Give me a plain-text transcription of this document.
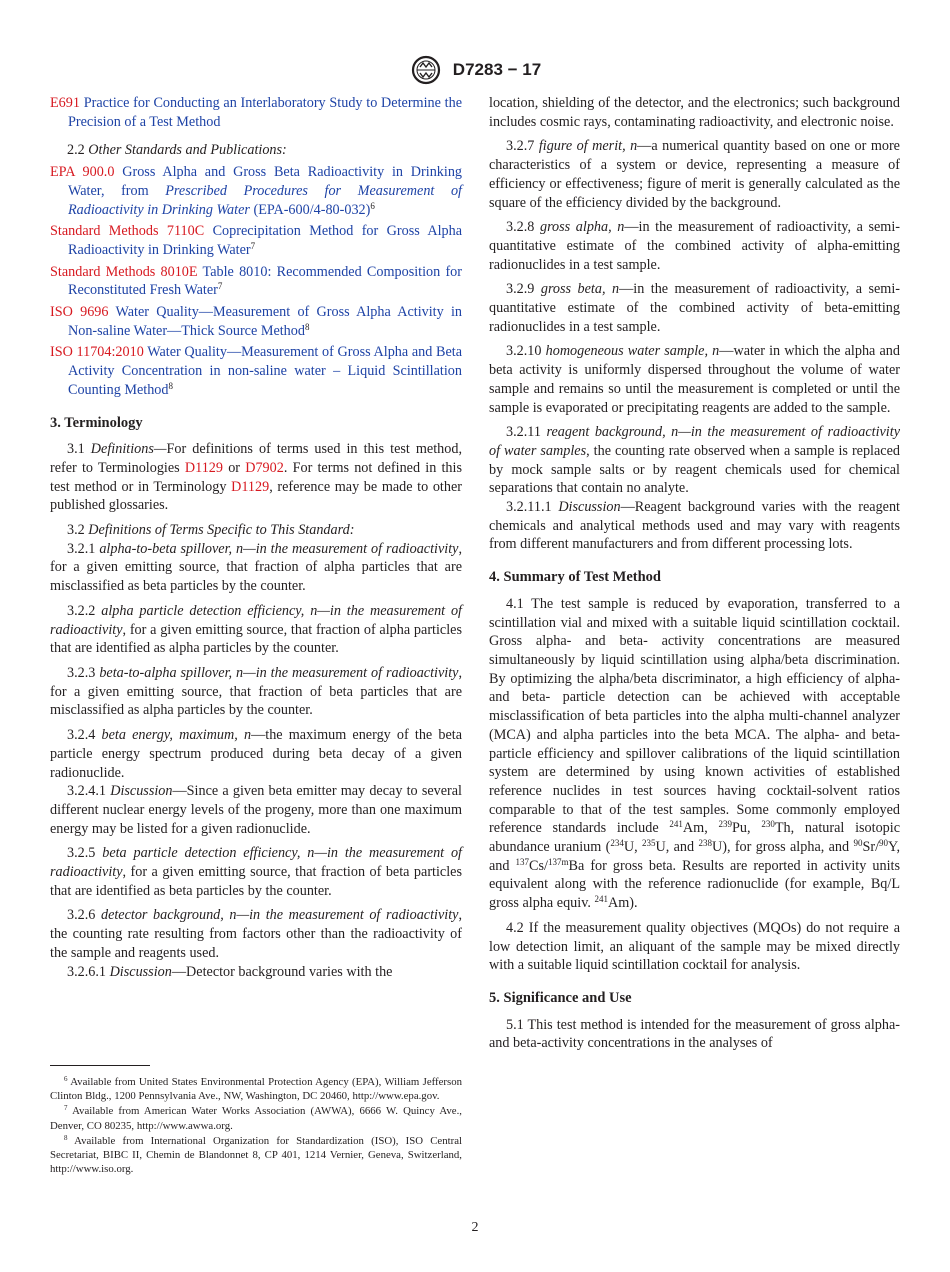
D7283 − 17
E691 Practice for Conducting an Interlaboratory Study to Determine the Precision of a Test Method
2.2 Other Standards and Publications:
EPA 900.0 Gross Alpha and Gross Beta Radioactivity in Drinking Water, from Prescribed Procedures for Measurement of Radioactivity in Drinking Water $(EPA-600/4-80-032)^6$
Standard Methods 7110C Coprecipitation Method for Gross Alpha Radioactivity in Drinking Water$^7$
Standard Methods 8010E Table 8010: Recommended Composition for Reconstituted Fresh Water$^7$
ISO 9696 Water Quality—Measurement of Gross Alpha Activity in Non-saline Water—Thick Source Method$^8$
ISO 11704:2010 Water Quality—Measurement of Gross Alpha and Beta Activity Concentration in non-saline water – Liquid Scintillation Counting Method$^8$
3. Terminology
3.1 Definitions—For definitions of terms used in this test method, refer to Terminologies D1129 or D7902. For terms not defined in this test method or in Terminology D1129, reference may be made to other published glossaries.
3.2 Definitions of Terms Specific to This Standard:
3.2.1 alpha-to-beta spillover, n—in the measurement of radioactivity, for a given emitting source, that fraction of alpha particles that are misclassified as beta particles by the counter.
3.2.2 alpha particle detection efficiency, n—in the measurement of radioactivity, for a given emitting source, that fraction of alpha particles that are identified as alpha particles by the counter.
3.2.3 beta-to-alpha spillover, n—in the measurement of radioactivity, for a given emitting source, that fraction of beta particles that are misclassified as alpha particles by the counter.
3.2.4 beta energy, maximum, n—the maximum energy of the beta particle energy spectrum produced during beta decay of a given radionuclide.
3.2.4.1 Discussion—Since a given beta emitter may decay to several different nuclear energy levels of the progeny, more than one maximum energy may be listed for a given radionuclide.
3.2.5 beta particle detection efficiency, n—in the measurement of radioactivity, for a given emitting source, that fraction of beta particles that are identified as beta particles by the counter.
3.2.6 detector background, n—in the measurement of radioactivity, the counting rate resulting from factors other than the radioactivity of the sample and reagents used.
3.2.6.1 Discussion—Detector background varies with the
$^6$ Available from United States Environmental Protection Agency (EPA), William Jefferson Clinton Bldg., 1200 Pennsylvania Ave., NW, Washington, DC 20460, http://www.epa.gov.
$^7$ Available from American Water Works Association (AWWA), 6666 W. Quincy Ave., Denver, CO 80235, http://www.awwa.org.
$^8$ Available from International Organization for Standardization (ISO), ISO Central Secretariat, BIBC II, Chemin de Blandonnet 8, CP 401, 1214 Vernier, Geneva, Switzerland, http://www.iso.org.
location, shielding of the detector, and the electronics; such background includes cosmic rays, contaminating radioactivity, and electronic noise.
3.2.7 figure of merit, n—a numerical quantity based on one or more characteristics of a system or device, representing a measure of efficiency or effectiveness; figure of merit is generally calculated as the square of the efficiency divided by the background.
3.2.8 gross alpha, n—in the measurement of radioactivity, a semi-quantitative estimate of the combined activity of alpha-emitting radionuclides in a test sample.
3.2.9 gross beta, n—in the measurement of radioactivity, a semi-quantitative estimate of the combined activity of beta-emitting radionuclides in a test sample.
3.2.10 homogeneous water sample, n—water in which the alpha and beta activity is uniformly dispersed throughout the volume of water sample and remains so until the measurement is completed or until the sample is evaporated or precipitating reagents are added to the sample.
3.2.11 reagent background, n—in the measurement of radioactivity of water samples, the counting rate observed when a sample is replaced by mock sample salts or by reagent chemicals used for chemical separations that contain no analyte.
3.2.11.1 Discussion—Reagent background varies with the reagent chemicals and analytical methods used and may vary with reagents from different manufacturers and from different processing lots.
4. Summary of Test Method
4.1 The test sample is reduced by evaporation, transferred to a scintillation vial and mixed with a suitable liquid scintillation cocktail. Gross alpha- and beta- activity concentrations are measured simultaneously by liquid scintillation using alpha/beta discrimination. By optimizing the alpha/beta discriminator, a high efficiency of alpha- and beta- particle detection can be achieved with acceptable misclassification of beta particles into the alpha multi-channel analyzer (MCA) and alpha particles into the beta MCA. The alpha- and beta- particle efficiency and spillover calibrations of the liquid scintillation system are determined by using known activities of established reference nuclides in test sources having cocktail-solvent ratios comparable to that of the test samples. Some commonly employed reference standards include $^{241}$Am, $^{239}$Pu, $^{230}$Th, natural isotopic abundance uranium ($^{234}$U, $^{235}$U, and $^{238}$U), for gross alpha, and $^{90}$Sr/$^{90}$Y, and $^{137}$Cs/$^{137m}$Ba for gross beta. Results are reported in activity units equivalent along with the reference radionuclide (for example, Bq/L gross alpha equiv. $^{241}$Am).
4.2 If the measurement quality objectives (MQOs) do not require a low detection limit, an aliquant of the sample may be mixed directly with a suitable liquid scintillation cocktail for analysis.
5. Significance and Use
5.1 This test method is intended for the measurement of gross alpha- and beta-activity concentrations in the analyses of
2
